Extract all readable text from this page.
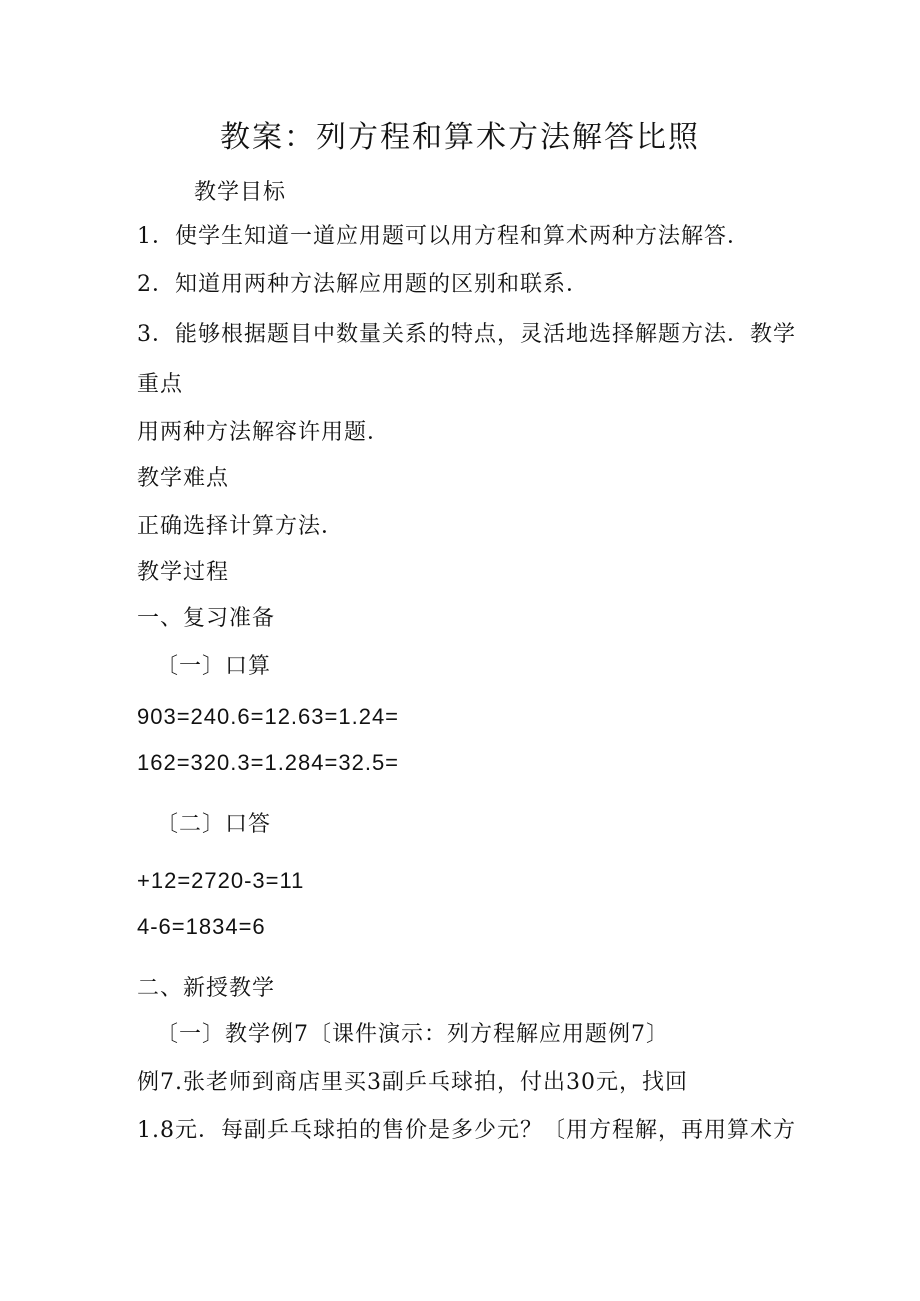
教案：列方程和算术方法解答比照
教学目标
1．使学生知道一道应用题可以用方程和算术两种方法解答．
2．知道用两种方法解应用题的区别和联系．
3．能够根据题目中数量关系的特点，灵活地选择解题方法．教学
重点
用两种方法解容许用题．
教学难点
正确选择计算方法．
教学过程
一、复习准备
〔一〕口算
903=240.6=12.63=1.24=
162=320.3=1.284=32.5=
〔二〕口答
+12=2720-3=11
4-6=1834=6
二、新授教学
〔一〕教学例7〔课件演示：列方程解应用题例7〕
例7.张老师到商店里买3副乒乓球拍，付出30元，找回
1.8元．每副乒乓球拍的售价是多少元？〔用方程解，再用算术方
